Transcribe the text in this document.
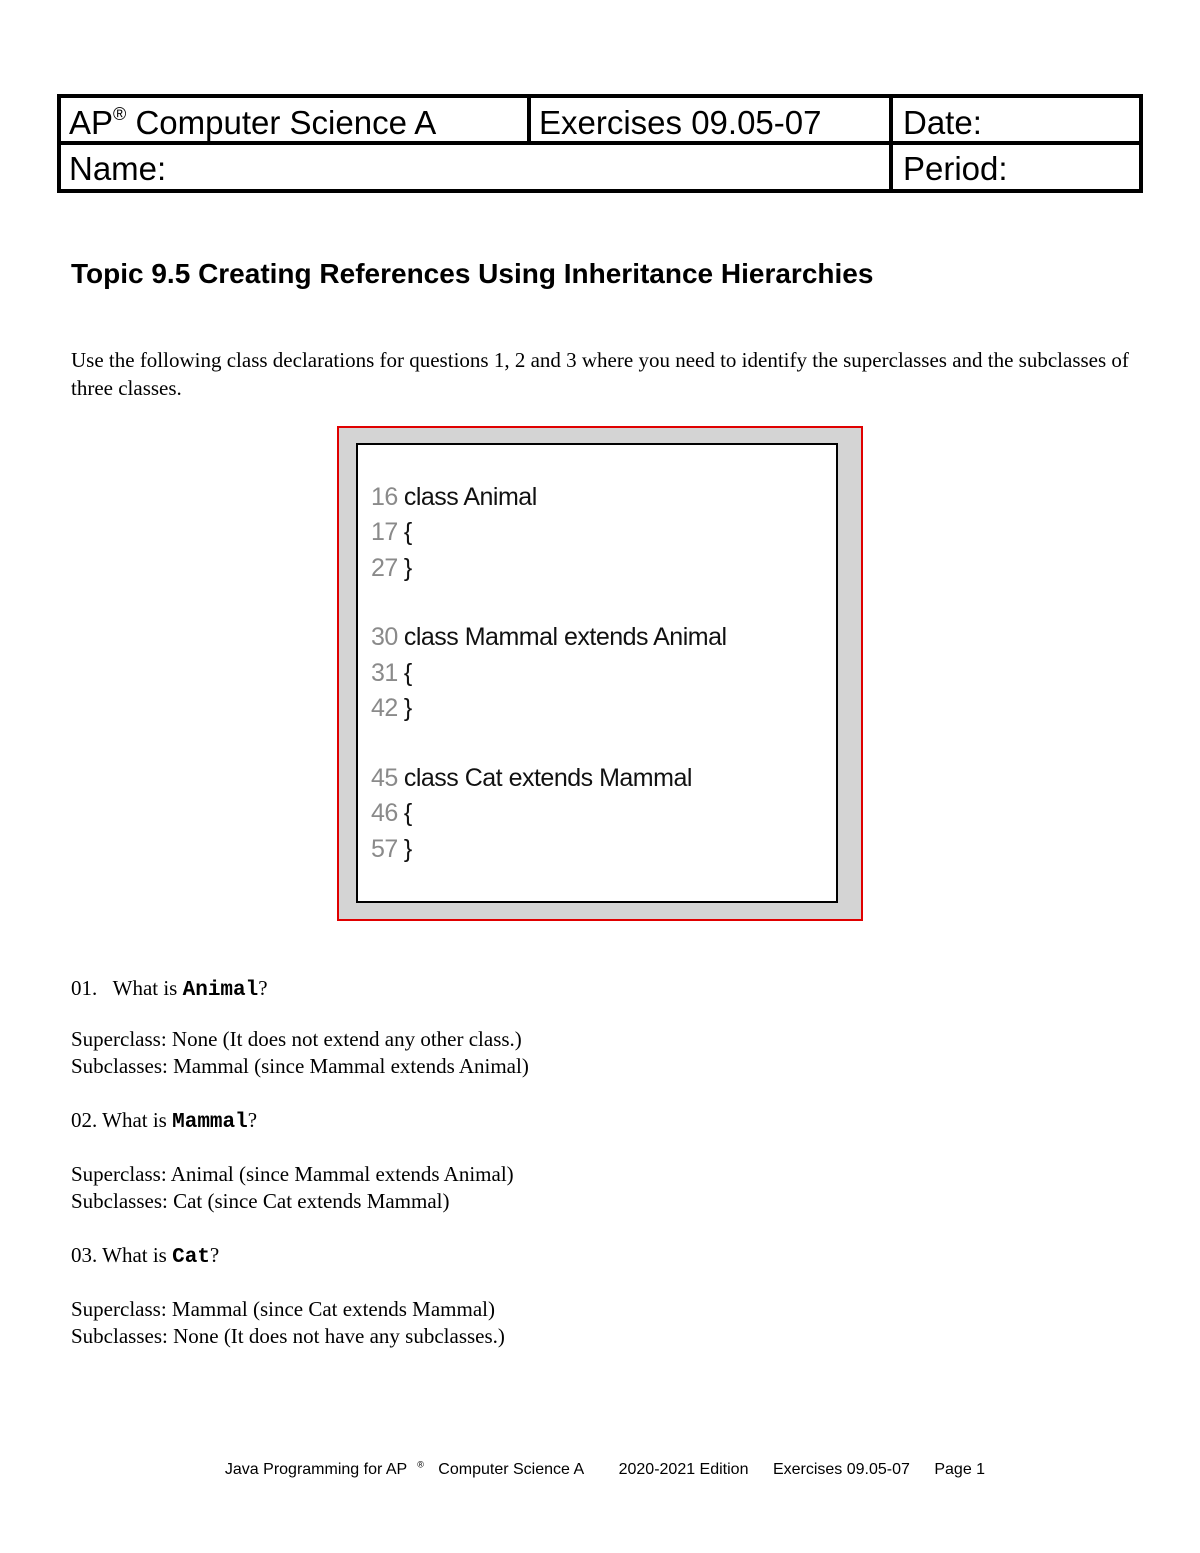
AP® Computer Science A	Exercises 09.05-07	Date:
Name:	Period:
Topic 9.5 Creating References Using Inheritance Hierarchies
Use the following class declarations for questions 1, 2 and 3 where you need to identify the superclasses and the subclasses of three classes.
16 class Animal
17 {
27 }
30 class Mammal extends Animal
31 {
42 }
45 class Cat extends Mammal
46 {
57 }
01.   What is Animal?
Superclass: None (It does not extend any other class.)
Subclasses: Mammal (since Mammal extends Animal)
02. What is Mammal?
Superclass: Animal (since Mammal extends Animal)
Subclasses: Cat (since Cat extends Mammal)
03. What is Cat?
Superclass: Mammal (since Cat extends Mammal)
Subclasses: None (It does not have any subclasses.)
Java Programming for AP ® Computer Science A 2020-2021 Edition Exercises 09.05-07 Page 1
